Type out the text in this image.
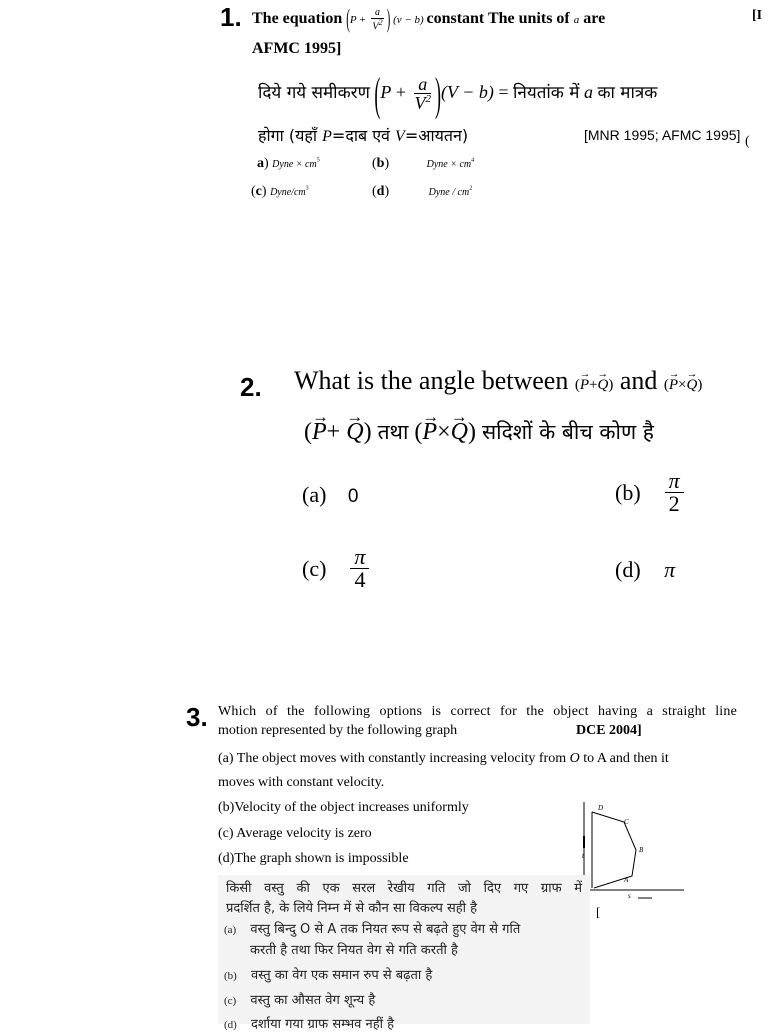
1. The equation ($P + \frac{a}{V^2}$ ) (v − b) constant The units of a are	[I
AFMC 1995]
दिये गये समीकरण $(P + \frac{a}{V^2} )(V - b)$ = नियतांक में a का मात्रक
होगा (यहाँ P=दाब एवं V=आयतन)	[MNR 1995; AFMC 1995] (
a) Dyne × $cm^5$	(b)	Dyne × $cm^4$
(c) Dyne/$cm^3$	(d)	Dyne / $cm^2$
2. What is the angle between (→ P+→ Q) and (→ P×→ Q)
(→ P+ → Q) तथा (→ P×→ Q) सदिशों के बीच कोण है
(a) 0	$(b) \frac{\pi}{2}$
$(c) \frac{\pi}{4}$	(d) π
3. Which of the following options is correct for the object having a straight line
motion represented by the following graph	DCE 2004]
(a) The object moves with constantly increasing velocity from O to A and then it
moves with constant velocity.
(b)Velocity of the object increases uniformly
(c) Average velocity is zero
(d)The graph shown is impossible
D
C
B
A
t
s
[
किसी वस्तु की एक सरल रेखीय गति जो दिए गए ग्राफ में
प्रदर्शित है, के लिये निम्न में से कौन सा विकल्प सही है
(a) वस्तु बिन्दु O से A तक नियत रूप से बढ़ते हुए वेग से गति
करती है तथा फिर नियत वेग से गति करती है
(b) वस्तु का वेग एक समान रुप से बढ़ता है
(c) वस्तु का औसत वेग शून्य है
(d) दर्शाया गया ग्राफ सम्भव नहीं है
